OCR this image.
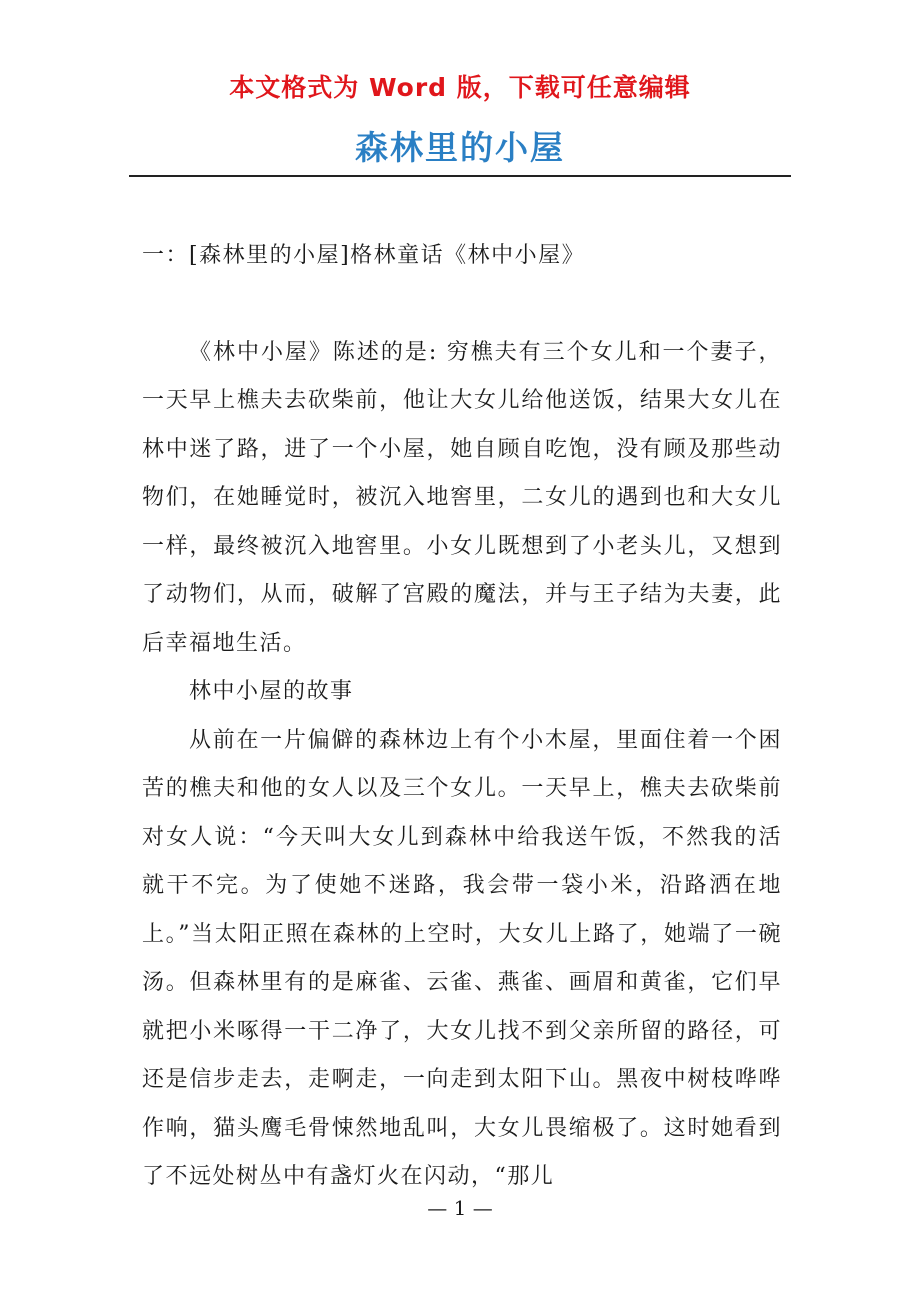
本文格式为 Word 版，下载可任意编辑
森林里的小屋

一：[森林里的小屋]格林童话《林中小屋》

《林中小屋》陈述的是: 穷樵夫有三个女儿和一个妻子，一天早上樵夫去砍柴前，他让大女儿给他送饭，结果大女儿在林中迷了路，进了一个小屋，她自顾自吃饱，没有顾及那些动物们，在她睡觉时，被沉入地窖里，二女儿的遇到也和大女儿一样，最终被沉入地窖里。小女儿既想到了小老头儿，又想到了动物们，从而，破解了宫殿的魔法，并与王子结为夫妻，此后幸福地生活。

林中小屋的故事

从前在一片偏僻的森林边上有个小木屋，里面住着一个困苦的樵夫和他的女人以及三个女儿。一天早上，樵夫去砍柴前对女人说：“今天叫大女儿到森林中给我送午饭，不然我的活就干不完。为了使她不迷路，我会带一袋小米，沿路洒在地上。”当太阳正照在森林的上空时，大女儿上路了，她端了一碗汤。但森林里有的是麻雀、云雀、燕雀、画眉和黄雀，它们早就把小米啄得一干二净了，大女儿找不到父亲所留的路径，可还是信步走去，走啊走，一向走到太阳下山。黑夜中树枝哗哗作响，猫头鹰毛骨悚然地乱叫，大女儿畏缩极了。这时她看到了不远处树丛中有盏灯火在闪动，“那儿

— 1 —
